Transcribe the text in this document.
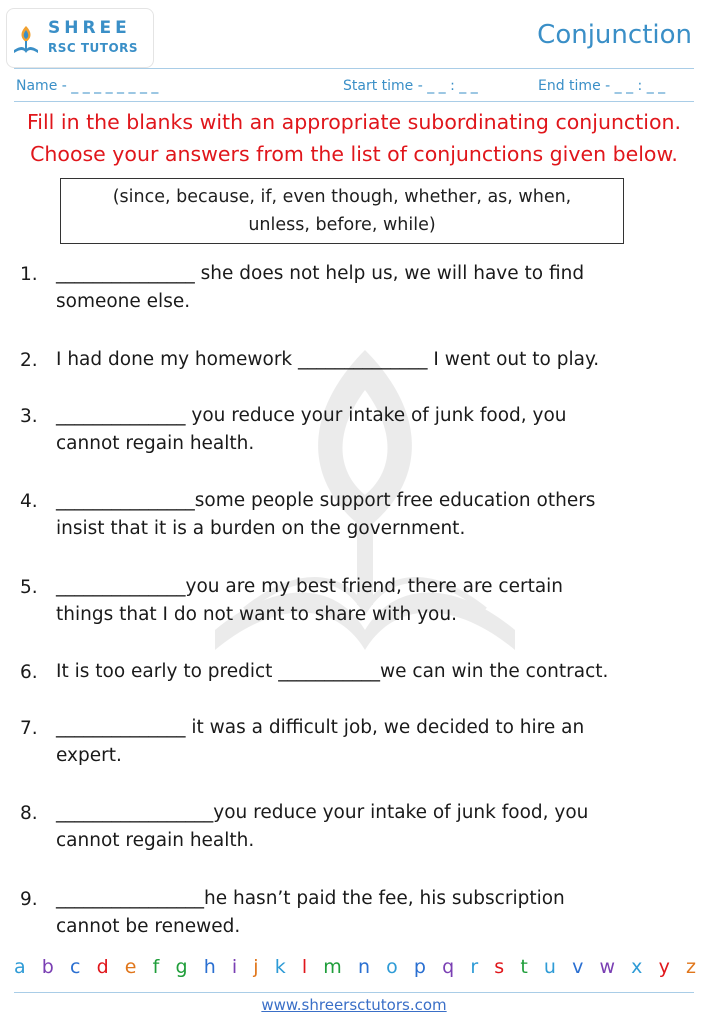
SHREE
RSC TUTORS	Conjunction
Name - _ _ _ _ _ _ _ _	Start time - _ _ : _ _	End time - _ _ : _ _
Fill in the blanks with an appropriate subordinating conjunction.
Choose your answers from the list of conjunctions given below.
(since, because, if, even though, whether, as, when,
unless, before, while)
1. _______________ she does not help us, we will have to find
someone else.
2. I had done my homework ______________ I went out to play.
3. ______________ you reduce your intake of junk food, you
cannot regain health.
4. _______________some people support free education others
insist that it is a burden on the government.
5. ______________you are my best friend, there are certain
things that I do not want to share with you.
6. It is too early to predict ___________we can win the contract.
7. ______________ it was a difficult job, we decided to hire an
expert.
8. _________________you reduce your intake of junk food, you
cannot regain health.
9. ________________he hasn’t paid the fee, his subscription
cannot be renewed.
a b c d e f g h i j k l m n o p q r s t u v w x y z
www.shreersctutors.com
